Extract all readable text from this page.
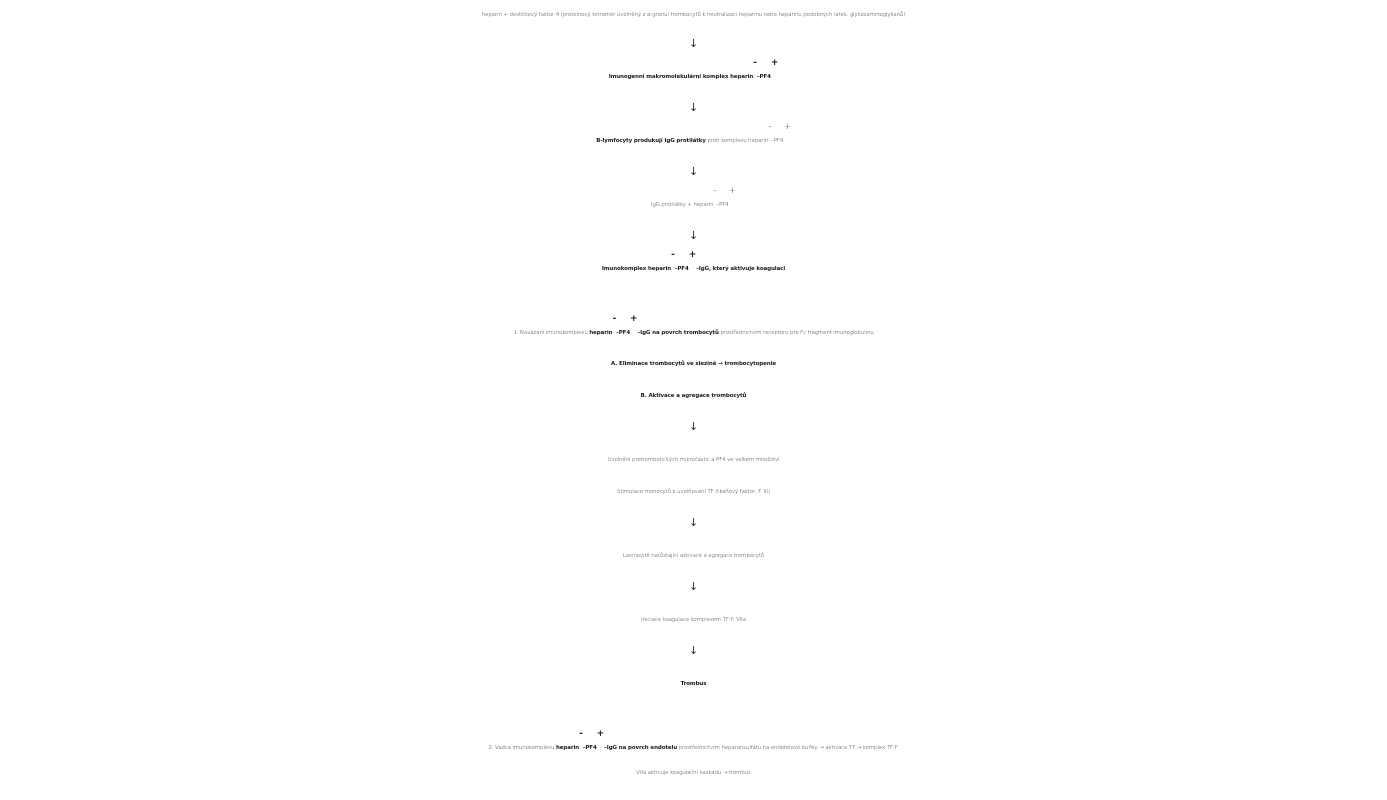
heparin + destičkový faktor 4 (proteinový tetramér uvolněný z α-granul trombocytů k neutralizaci heparinu nebo heparinu podobných látek, glykosaminoglykanů)
↓
Imunogenní makromolekulární komplex heparin-–PF4+
↓
B-lymfocyty produkují IgG protilátky proti komplexu heparin-–PF4+
↓
IgG protilátky + heparin-–PF4+
↓
Imunokomplex heparin-–PF4+–IgG, který aktivuje koagulaci
1. Navázání imunokomplexu heparin-–PF4+–IgG na povrch trombocytů prostřednictvím receptoru pro Fc fragment imunoglobulinu
A. Eliminace trombocytů ve slezině → trombocytopenie
B. Aktivace a agregace trombocytů
↓
Uvolnění protrombotických mikročástic a PF4 ve velkém množství
Stimulace monocytů k uvolňování TF (tkáňový faktor, F. III)
↓
Lavinovitě narůstající aktivace a agregace trombocytů
↓
Iniciace koagulace komplexem TF-F. VIIa
↓
Trombus
2. Vazba imunokomplexu heparin-–PF4+–IgG na povrch endotelu prostřednictvím heparansulfátu na endotelové buňky → aktivace TF → komplex TF-F.
VIIa aktivuje koagulační kaskádu → trombus
